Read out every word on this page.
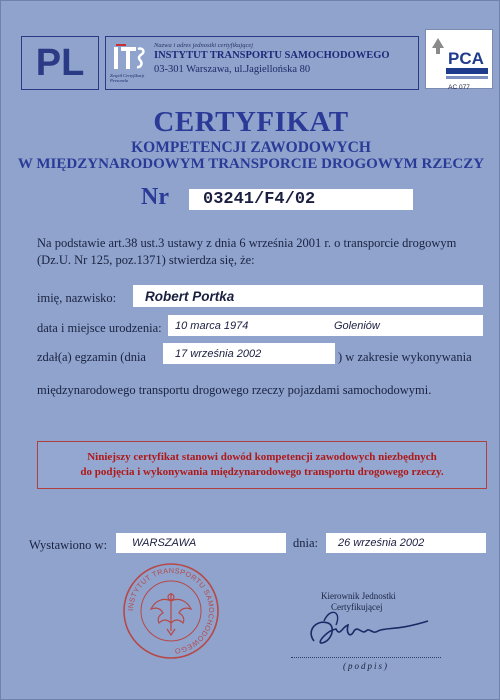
PL	Zespół Certyfikacji Personelu
Nazwa i adres jednostki certyfikującej
INSTYTUT TRANSPORTU SAMOCHODOWEGO
03-301 Warszawa, ul.Jagiellońska 80
PCA
AC 077
CERTYFIKAT
KOMPETENCJI ZAWODOWYCH
W MIĘDZYNARODOWYM TRANSPORCIE DROGOWYM RZECZY
Nr	03241/F4/02
Na podstawie art.38 ust.3 ustawy z dnia 6 września 2001 r. o transporcie drogowym
(Dz.U. Nr 125, poz.1371) stwierdza się, że:
imię, nazwisko:	Robert Portka
data i miejsce urodzenia: 10 marca 1974	Goleniów
zdał(a) egzamin (dnia	17 września 2002	) w zakresie wykonywania
międzynarodowego transportu drogowego rzeczy pojazdami samochodowymi.
Niniejszy certyfikat stanowi dowód kompetencji zawodowych niezbędnych
do podjęcia i wykonywania międzynarodowego transportu drogowego rzeczy.
Wystawiono w:	WARSZAWA	dnia:	26 września 2002
INSTYTUT TRANSPORTU SAMOCHODOWEGO
Kierownik Jednostki
Certyfikującej
(podpis)
